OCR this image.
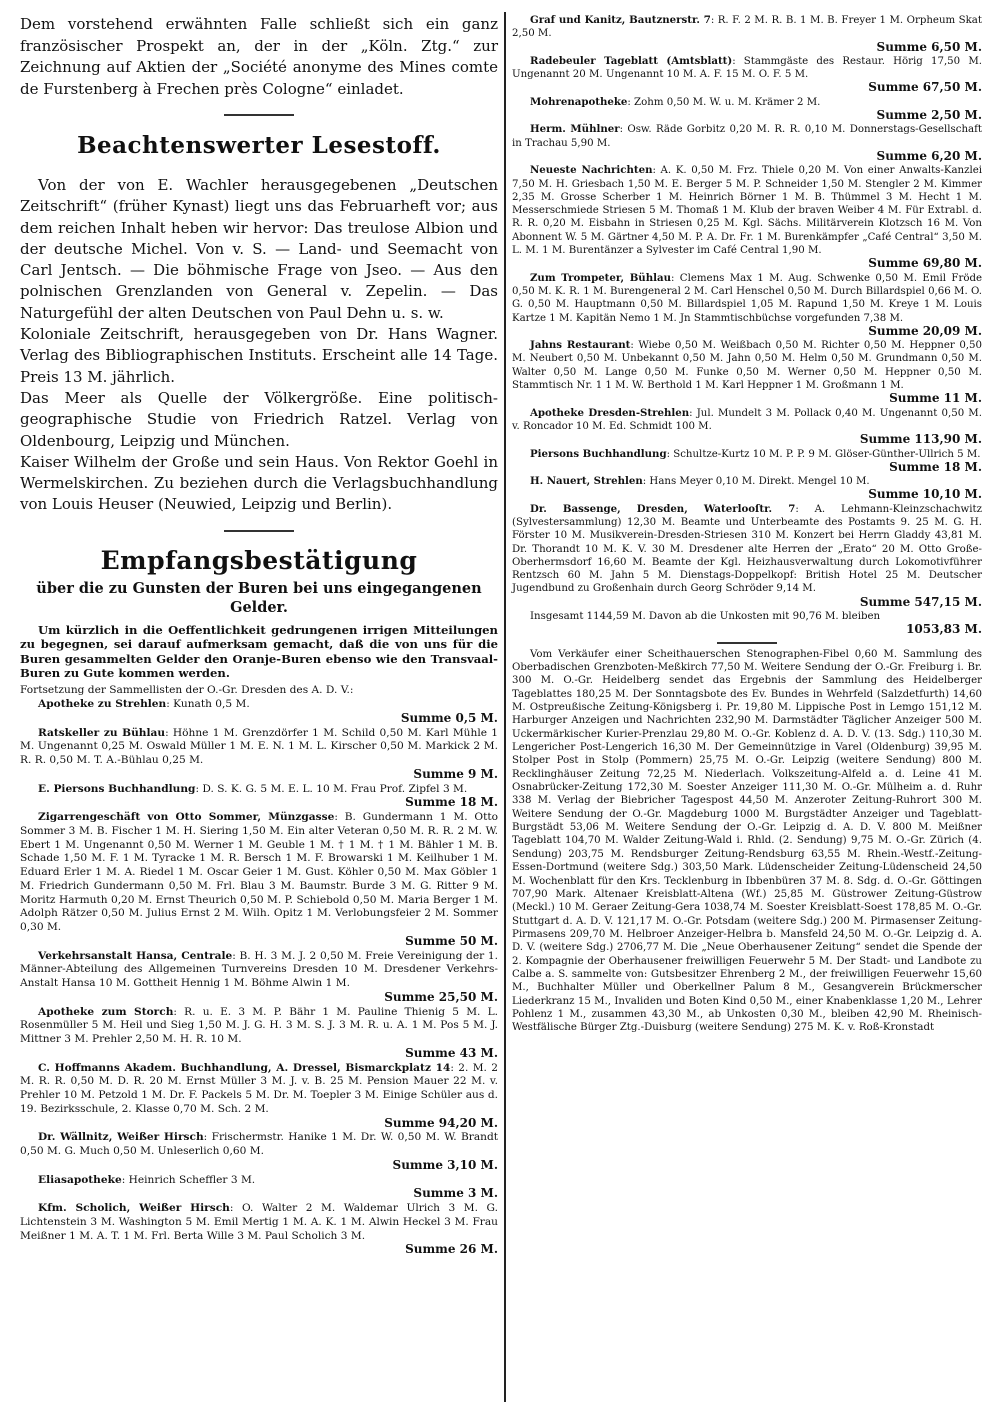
Dem vorstehend erwähnten Falle schließt sich ein ganz französischer Prospekt an, der in der „Köln. Ztg.“ zur Zeichnung auf Aktien der „Société anonyme des Mines comte de Furstenberg à Frechen près Cologne“ einladet.

Beachtenswerter Lesestoff.

Von der von E. Wachler herausgegebenen „Deutschen Zeitschrift“ (früher Kynast) liegt uns das Februarheft vor; aus dem reichen Inhalt heben wir hervor: Das treulose Albion und der deutsche Michel. Von v. S. — Land- und Seemacht von Carl Jentsch. — Die böhmische Frage von Jseo. — Aus den polnischen Grenzlanden von General v. Zepelin. — Das Naturgefühl der alten Deutschen von Paul Dehn u. s. w.

Koloniale Zeitschrift, herausgegeben von Dr. Hans Wagner. Verlag des Bibliographischen Instituts. Erscheint alle 14 Tage. Preis 13 M. jährlich.

Das Meer als Quelle der Völkergröße. Eine politisch-geographische Studie von Friedrich Ratzel. Verlag von Oldenbourg, Leipzig und München.

Kaiser Wilhelm der Große und sein Haus. Von Rektor Goehl in Wermelskirchen. Zu beziehen durch die Verlagsbuchhandlung von Louis Heuser (Neuwied, Leipzig und Berlin).

Empfangsbestätigung
über die zu Gunsten der Buren bei uns eingegangenen Gelder.

Um kürzlich in die Oeffentlichkeit gedrungenen irrigen Mitteilungen zu begegnen, sei darauf aufmerksam gemacht, daß die von uns für die Buren gesammelten Gelder den Oranje-Buren ebenso wie den Transvaal-Buren zu Gute kommen werden.

Fortsetzung der Sammellisten der O.-Gr. Dresden des A. D. V.:

Apotheke zu Strehlen: Kunath 0,5 M.
Summe 0,5 M.

Ratskeller zu Bühlau: Höhne 1 M. Grenzdörfer 1 M. Schild 0,50 M. Karl Mühle 1 M. Ungenannt 0,25 M. Oswald Müller 1 M. E. N. 1 M. L. Kirscher 0,50 M. Markick 2 M. R. R. 0,50 M. T. A.-Bühlau 0,25 M.
Summe 9 M.

E. Piersons Buchhandlung: D. S. K. G. 5 M. E. L. 10 M. Frau Prof. Zipfel 3 M.
Summe 18 M.

Zigarrengeschäft von Otto Sommer, Münzgasse: B. Gundermann 1 M. Otto Sommer 3 M. B. Fischer 1 M. H. Siering 1,50 M. Ein alter Veteran 0,50 M. R. R. 2 M. W. Ebert 1 M. Ungenannt 0,50 M. Werner 1 M. Geuble 1 M. † 1 M. † 1 M. Bähler 1 M. B. Schade 1,50 M. F. 1 M. Tyracke 1 M. R. Bersch 1 M. F. Browarski 1 M. Keilhuber 1 M. Eduard Erler 1 M. A. Riedel 1 M. Oscar Geier 1 M. Gust. Köhler 0,50 M. Max Göbler 1 M. Friedrich Gundermann 0,50 M. Frl. Blau 3 M. Baumstr. Burde 3 M. G. Ritter 9 M. Moritz Harmuth 0,20 M. Ernst Theurich 0,50 M. P. Schiebold 0,50 M. Maria Berger 1 M. Adolph Rätzer 0,50 M. Julius Ernst 2 M. Wilh. Opitz 1 M. Verlobungsfeier 2 M. Sommer 0,30 M.
Summe 50 M.

Verkehrsanstalt Hansa, Centrale: B. H. 3 M. J. 2 0,50 M. Freie Vereinigung der 1. Männer-Abteilung des Allgemeinen Turnvereins Dresden 10 M. Dresdener Verkehrs-Anstalt Hansa 10 M. Gottheit Hennig 1 M. Böhme Alwin 1 M.
Summe 25,50 M.

Apotheke zum Storch: R. u. E. 3 M. P. Bähr 1 M. Pauline Thienig 5 M. L. Rosenmüller 5 M. Heil und Sieg 1,50 M. J. G. H. 3 M. S. J. 3 M. R. u. A. 1 M. Pos 5 M. J. Mittner 3 M. Prehler 2,50 M. H. R. 10 M.
Summe 43 M.

C. Hoffmanns Akadem. Buchhandlung, A. Dressel, Bismarckplatz 14: 2. M. 2 M. R. R. 0,50 M. D. R. 20 M. Ernst Müller 3 M. J. v. B. 25 M. Pension Mauer 22 M. v. Prehler 10 M. Petzold 1 M. Dr. F. Packels 5 M. Dr. M. Toepler 3 M. Einige Schüler aus d. 19. Bezirksschule, 2. Klasse 0,70 M. Sch. 2 M.
Summe 94,20 M.

Dr. Wällnitz, Weißer Hirsch: Frischermstr. Hanike 1 M. Dr. W. 0,50 M. W. Brandt 0,50 M. G. Much 0,50 M. Unleserlich 0,60 M.
Summe 3,10 M.

Eliasapotheke: Heinrich Scheffler 3 M.
Summe 3 M.

Kfm. Scholich, Weißer Hirsch: O. Walter 2 M. Waldemar Ulrich 3 M. G. Lichtenstein 3 M. Washington 5 M. Emil Mertig 1 M. A. K. 1 M. Alwin Heckel 3 M. Frau Meißner 1 M. A. T. 1 M. Frl. Berta Wille 3 M. Paul Scholich 3 M.
Summe 26 M.

Graf und Kanitz, Bautznerstr. 7: R. F. 2 M. R. B. 1 M. B. Freyer 1 M. Orpheum Skat 2,50 M.
Summe 6,50 M.

Radebeuler Tageblatt (Amtsblatt): Stammgäste des Restaur. Hörig 17,50 M. Ungenannt 20 M. Ungenannt 10 M. A. F. 15 M. O. F. 5 M.
Summe 67,50 M.

Mohrenapotheke: Zohm 0,50 M. W. u. M. Krämer 2 M.
Summe 2,50 M.

Herm. Mühlner: Osw. Räde Gorbitz 0,20 M. R. R. 0,10 M. Donnerstags-Gesellschaft in Trachau 5,90 M.
Summe 6,20 M.

Neueste Nachrichten: A. K. 0,50 M. Frz. Thiele 0,20 M. Von einer Anwalts-Kanzlei 7,50 M. H. Griesbach 1,50 M. E. Berger 5 M. P. Schneider 1,50 M. Stengler 2 M. Kimmer 2,35 M. Grosse Scherber 1 M. Heinrich Börner 1 M. B. Thümmel 3 M. Hecht 1 M. Messerschmiede Striesen 5 M. Thomaß 1 M. Klub der braven Weiber 4 M. Für Extrabl. d. R. R. 0,20 M. Eisbahn in Striesen 0,25 M. Kgl. Sächs. Militärverein Klotzsch 16 M. Von Abonnent W. 5 M. Gärtner 4,50 M. P. A. Dr. Fr. 1 M. Burenkämpfer „Café Central“ 3,50 M. L. M. 1 M. Burentänzer a Sylvester im Café Central 1,90 M.
Summe 69,80 M.

Zum Trompeter, Bühlau: Clemens Max 1 M. Aug. Schwenke 0,50 M. Emil Fröde 0,50 M. K. R. 1 M. Burengeneral 2 M. Carl Henschel 0,50 M. Durch Billardspiel 0,66 M. O. G. 0,50 M. Hauptmann 0,50 M. Billardspiel 1,05 M. Rapund 1,50 M. Kreye 1 M. Louis Kartze 1 M. Kapitän Nemo 1 M. Jn Stammtischbüchse vorgefunden 7,38 M.
Summe 20,09 M.

Jahns Restaurant: Wiebe 0,50 M. Weißbach 0,50 M. Richter 0,50 M. Heppner 0,50 M. Neubert 0,50 M. Unbekannt 0,50 M. Jahn 0,50 M. Helm 0,50 M. Grundmann 0,50 M. Walter 0,50 M. Lange 0,50 M. Funke 0,50 M. Werner 0,50 M. Heppner 0,50 M. Stammtisch Nr. 1 1 M. W. Berthold 1 M. Karl Heppner 1 M. Großmann 1 M.
Summe 11 M.

Apotheke Dresden-Strehlen: Jul. Mundelt 3 M. Pollack 0,40 M. Ungenannt 0,50 M. v. Roncador 10 M. Ed. Schmidt 100 M.
Summe 113,90 M.

Piersons Buchhandlung: Schultze-Kurtz 10 M. P. P. 9 M. Glöser-Günther-Ullrich 5 M.
Summe 18 M.

H. Nauert, Strehlen: Hans Meyer 0,10 M. Direkt. Mengel 10 M.
Summe 10,10 M.

Dr. Bassenge, Dresden, Waterlooſtr. 7: A. Lehmann-Kleinzschachwitz (Sylvestersammlung) 12,30 M. Beamte und Unterbeamte des Postamts 9. 25 M. G. H. Förster 10 M. Musikverein-Dresden-Striesen 310 M. Konzert bei Herrn Gladdy 43,81 M. Dr. Thorandt 10 M. K. V. 30 M. Dresdener alte Herren der „Erato“ 20 M. Otto Große-Oberhermsdorf 16,60 M. Beamte der Kgl. Heizhausverwaltung durch Lokomotivführer Rentzsch 60 M. Jahn 5 M. Dienstags-Doppelkopf: British Hotel 25 M. Deutscher Jugendbund zu Großenhain durch Georg Schröder 9,14 M.
Summe 547,15 M.

Insgesamt 1144,59 M. Davon ab die Unkosten mit 90,76 M. bleiben
1053,83 M.

Vom Verkäufer einer Scheithauerschen Stenographen-Fibel 0,60 M. Sammlung des Oberbadischen Grenzboten-Meßkirch 77,50 M. Weitere Sendung der O.-Gr. Freiburg i. Br. 300 M. O.-Gr. Heidelberg sendet das Ergebnis der Sammlung des Heidelberger Tageblattes 180,25 M. Der Sonntagsbote des Ev. Bundes in Wehrfeld (Salzdetfurth) 14,60 M. Ostpreußische Zeitung-Königsberg i. Pr. 19,80 M. Lippische Post in Lemgo 151,12 M. Harburger Anzeigen und Nachrichten 232,90 M. Darmstädter Täglicher Anzeiger 500 M. Uckermärkischer Kurier-Prenzlau 29,80 M. O.-Gr. Koblenz d. A. D. V. (13. Sdg.) 110,30 M. Lengericher Post-Lengerich 16,30 M. Der Gemeinnützige in Varel (Oldenburg) 39,95 M. Stolper Post in Stolp (Pommern) 25,75 M. O.-Gr. Leipzig (weitere Sendung) 800 M. Recklinghäuser Zeitung 72,25 M. Niederlach. Volkszeitung-Alfeld a. d. Leine 41 M. Osnabrücker-Zeitung 172,30 M. Soester Anzeiger 111,30 M. O.-Gr. Mülheim a. d. Ruhr 338 M. Verlag der Biebricher Tagespost 44,50 M. Anzeroter Zeitung-Ruhrort 300 M. Weitere Sendung der O.-Gr. Magdeburg 1000 M. Burgstädter Anzeiger und Tageblatt-Burgstädt 53,06 M. Weitere Sendung der O.-Gr. Leipzig d. A. D. V. 800 M. Meißner Tageblatt 104,70 M. Walder Zeitung-Wald i. Rhld. (2. Sendung) 9,75 M. O.-Gr. Zürich (4. Sendung) 203,75 M. Rendsburger Zeitung-Rendsburg 63,55 M. Rhein.-Westf.-Zeitung-Essen-Dortmund (weitere Sdg.) 303,50 Mark. Lüdenscheider Zeitung-Lüdenscheid 24,50 M. Wochenblatt für den Krs. Tecklenburg in Ibbenbüren 37 M. 8. Sdg. d. O.-Gr. Göttingen 707,90 Mark. Altenaer Kreisblatt-Altena (Wf.) 25,85 M. Güstrower Zeitung-Güstrow (Meckl.) 10 M. Geraer Zeitung-Gera 1038,74 M. Soester Kreisblatt-Soest 178,85 M. O.-Gr. Stuttgart d. A. D. V. 121,17 M. O.-Gr. Potsdam (weitere Sdg.) 200 M. Pirmasenser Zeitung-Pirmasens 209,70 M. Helbroer Anzeiger-Helbra b. Mansfeld 24,50 M. O.-Gr. Leipzig d. A. D. V. (weitere Sdg.) 2706,77 M. Die „Neue Oberhausener Zeitung“ sendet die Spende der 2. Kompagnie der Oberhausener freiwilligen Feuerwehr 5 M. Der Stadt- und Landbote zu Calbe a. S. sammelte von: Gutsbesitzer Ehrenberg 2 M., der freiwilligen Feuerwehr 15,60 M., Buchhalter Müller und Oberkellner Palum 8 M., Gesangverein Brückmerscher Liederkranz 15 M., Invaliden und Boten Kind 0,50 M., einer Knabenklasse 1,20 M., Lehrer Pohlenz 1 M., zusammen 43,30 M., ab Unkosten 0,30 M., bleiben 42,90 M. Rheinisch-Westfälische Bürger Ztg.-Duisburg (weitere Sendung) 275 M. K. v. Roß-Kronstadt
